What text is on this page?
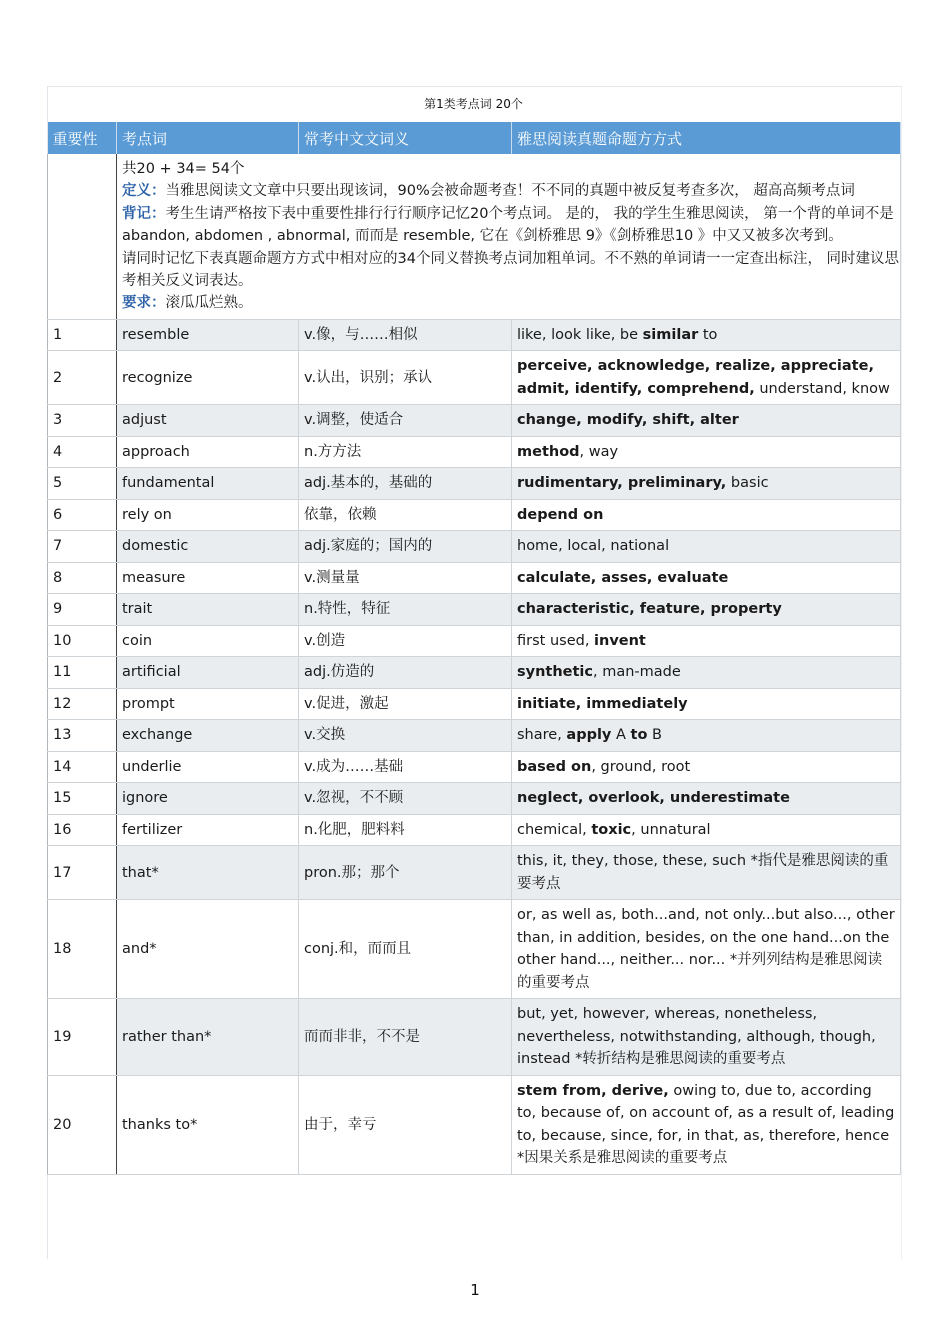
第1类考点词 20个
重要性	考点词	常考中文文词义	雅思阅读真题命题方方式

	共20 + 34= 54个
定义：当雅思阅读文文章中只要出现该词，90%会被命题考查！不不同的真题中被反复考查多次， 超高高频考点词
背记：考生生请严格按下表中重要性排行行行顺序记忆20个考点词。 是的， 我的学生生雅思阅读， 第一个背的单词不是 abandon, abdomen , abnormal, 而而是 resemble, 它在《剑桥雅思 9》《剑桥雅思10 》中又又被多次考到。
请同时记忆下表真题命题方方式中相对应的34个同义替换考点词加粗单词。不不熟的单词请一一定查出标注， 同时建议思考相关反义词表达。
要求：滚瓜瓜烂熟。		

1	resemble	v.像，与……相似	like, look like, be similar to
2	recognize	v.认出，识别；承认	perceive, acknowledge, realize, appreciate, admit, identify, comprehend, understand, know
3	adjust	v.调整，使适合	change, modify, shift, alter
4	approach	n.方方法	method, way
5	fundamental	adj.基本的，基础的	rudimentary, preliminary, basic
6	rely on	依靠，依赖	depend on
7	domestic	adj.家庭的；国内的	home, local, national
8	measure	v.测量量	calculate, asses, evaluate
9	trait	n.特性，特征	characteristic, feature, property
10	coin	v.创造	first used, invent
11	artificial	adj.仿造的	synthetic, man-made
12	prompt	v.促进，激起	initiate, immediately
13	exchange	v.交换	share, apply A to B
14	underlie	v.成为……基础	based on, ground, root
15	ignore	v.忽视，不不顾	neglect, overlook, underestimate
16	fertilizer	n.化肥，肥料料	chemical, toxic, unnatural
17	that*	pron.那；那个	this, it, they, those, these, such *指代是雅思阅读的重要考点
18	and*	conj.和，而而且	or, as well as, both...and, not only...but also..., other than, in addition, besides, on the one hand...on the other hand..., neither... nor... *并列列结构是雅思阅读的重要考点
19	rather than*	而而非非，不不是	but, yet, however, whereas, nonetheless, nevertheless, notwithstanding, although, though, instead *转折结构是雅思阅读的重要考点
20	thanks to*	由于，幸亏	stem from, derive, owing to, due to, according to, because of, on account of, as a result of, leading to, because, since, for, in that, as, therefore, hence *因果关系是雅思阅读的重要考点
1
